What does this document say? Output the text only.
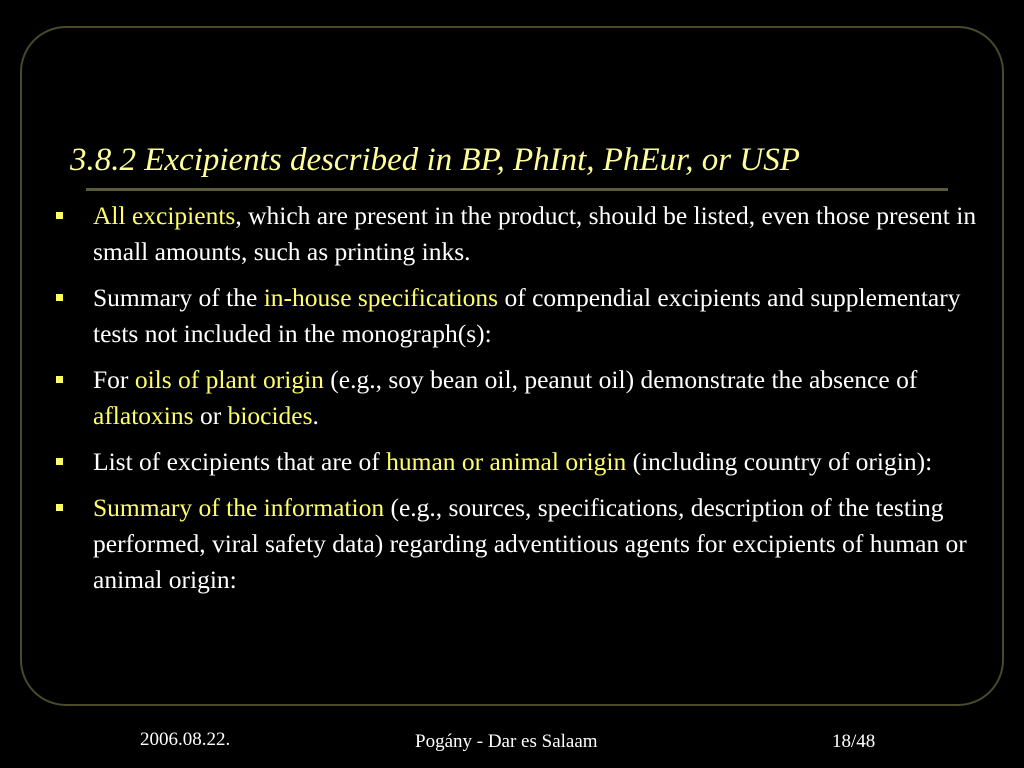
3.8.2 Excipients described in BP, PhInt, PhEur, or USP
All excipients, which are present in the product, should be listed, even those present in small amounts, such as printing inks.
Summary of the in-house specifications of compendial excipients and supplementary tests not included in the monograph(s):
For oils of plant origin (e.g., soy bean oil, peanut oil) demonstrate the absence of aflatoxins or biocides.
List of excipients that are of human or animal origin (including country of origin):
Summary of the information (e.g., sources, specifications, description of the testing performed, viral safety data) regarding adventitious agents for excipients of human or animal origin:
2006.08.22.	Pogány - Dar es Salaam	18/48
